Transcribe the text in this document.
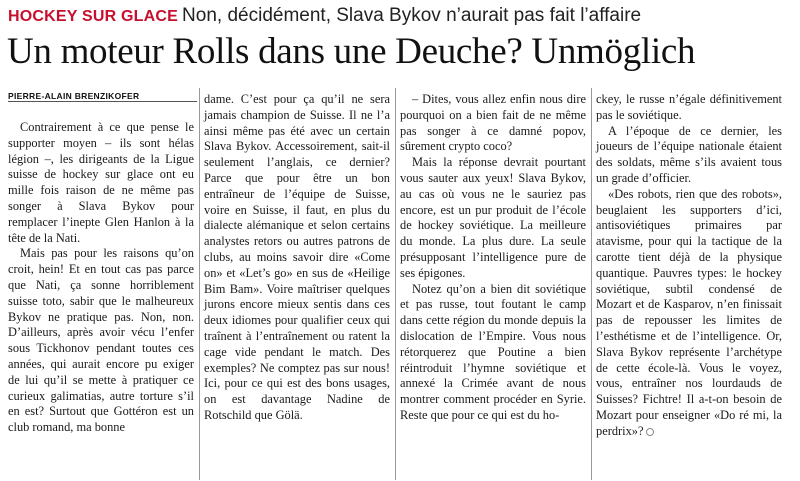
HOCKEY SUR GLACE Non, décidément, Slava Bykov n’aurait pas fait l’affaire
Un moteur Rolls dans une Deuche? Unmöglich
PIERRE-ALAIN BRENZIKOFER

Contrairement à ce que pense le supporter moyen – ils sont hélas légion –, les dirigeants de la Ligue suisse de hockey sur glace ont eu mille fois raison de ne même pas songer à Slava Bykov pour remplacer l’inepte Glen Hanlon à la tête de la Nati.

Mais pas pour les raisons qu’on croit, hein! Et en tout cas pas parce que Nati, ça sonne horriblement suisse toto, sabir que le malheureux Bykov ne pratique pas. Non, non. D’ailleurs, après avoir vécu l’enfer sous Tickhonov pendant toutes ces années, qui aurait encore pu exiger de lui qu’il se mette à pratiquer ce curieux galimatias, autre torture s’il en est? Surtout que Gottéron est un club romand, ma bonne

dame. C’est pour ça qu’il ne sera jamais champion de Suisse. Il ne l’a ainsi même pas été avec un certain Slava Bykov. Accessoirement, sait-il seulement l’anglais, ce dernier? Parce que pour être un bon entraîneur de l’équipe de Suisse, voire en Suisse, il faut, en plus du dialecte alémanique et selon certains analystes retors ou autres patrons de clubs, au moins savoir dire «Come on» et «Let’s go» en sus de «Heilige Bim Bam». Voire maîtriser quelques jurons encore mieux sentis dans ces deux idiomes pour qualifier ceux qui traînent à l’entraînement ou ratent la cage vide pendant le match. Des exemples? Ne comptez pas sur nous! Ici, pour ce qui est des bons usages, on est davantage Nadine de Rotschild que Gölä.

– Dites, vous allez enfin nous dire pourquoi on a bien fait de ne même pas songer à ce damné popov, sûrement crypto coco?

Mais la réponse devrait pourtant vous sauter aux yeux! Slava Bykov, au cas où vous ne le sauriez pas encore, est un pur produit de l’école de hockey soviétique. La meilleure du monde. La plus dure. La seule présupposant l’intelligence pure de ses épigones.

Notez qu’on a bien dit soviétique et pas russe, tout foutant le camp dans cette région du monde depuis la dislocation de l’Empire. Vous nous rétorquerez que Poutine a bien réintroduit l’hymne soviétique et annexé la Crimée avant de nous montrer comment procéder en Syrie. Reste que pour ce qui est du ho-

ckey, le russe n’égale définitivement pas le soviétique.

A l’époque de ce dernier, les joueurs de l’équipe nationale étaient des soldats, même s’ils avaient tous un grade d’officier.

«Des robots, rien que des robots», beuglaient les supporters d’ici, antisoviétiques primaires par atavisme, pour qui la tactique de la carotte tient déjà de la physique quantique. Pauvres types: le hockey soviétique, subtil condensé de Mozart et de Kasparov, n’en finissait pas de repousser les limites de l’esthétisme et de l’intelligence. Or, Slava Bykov représente l’archétype de cette école-là. Vous le voyez, vous, entraîner nos lourdauds de Suisses? Fichtre! Il a-t-on besoin de Mozart pour enseigner «Do ré mi, la perdrix»?
